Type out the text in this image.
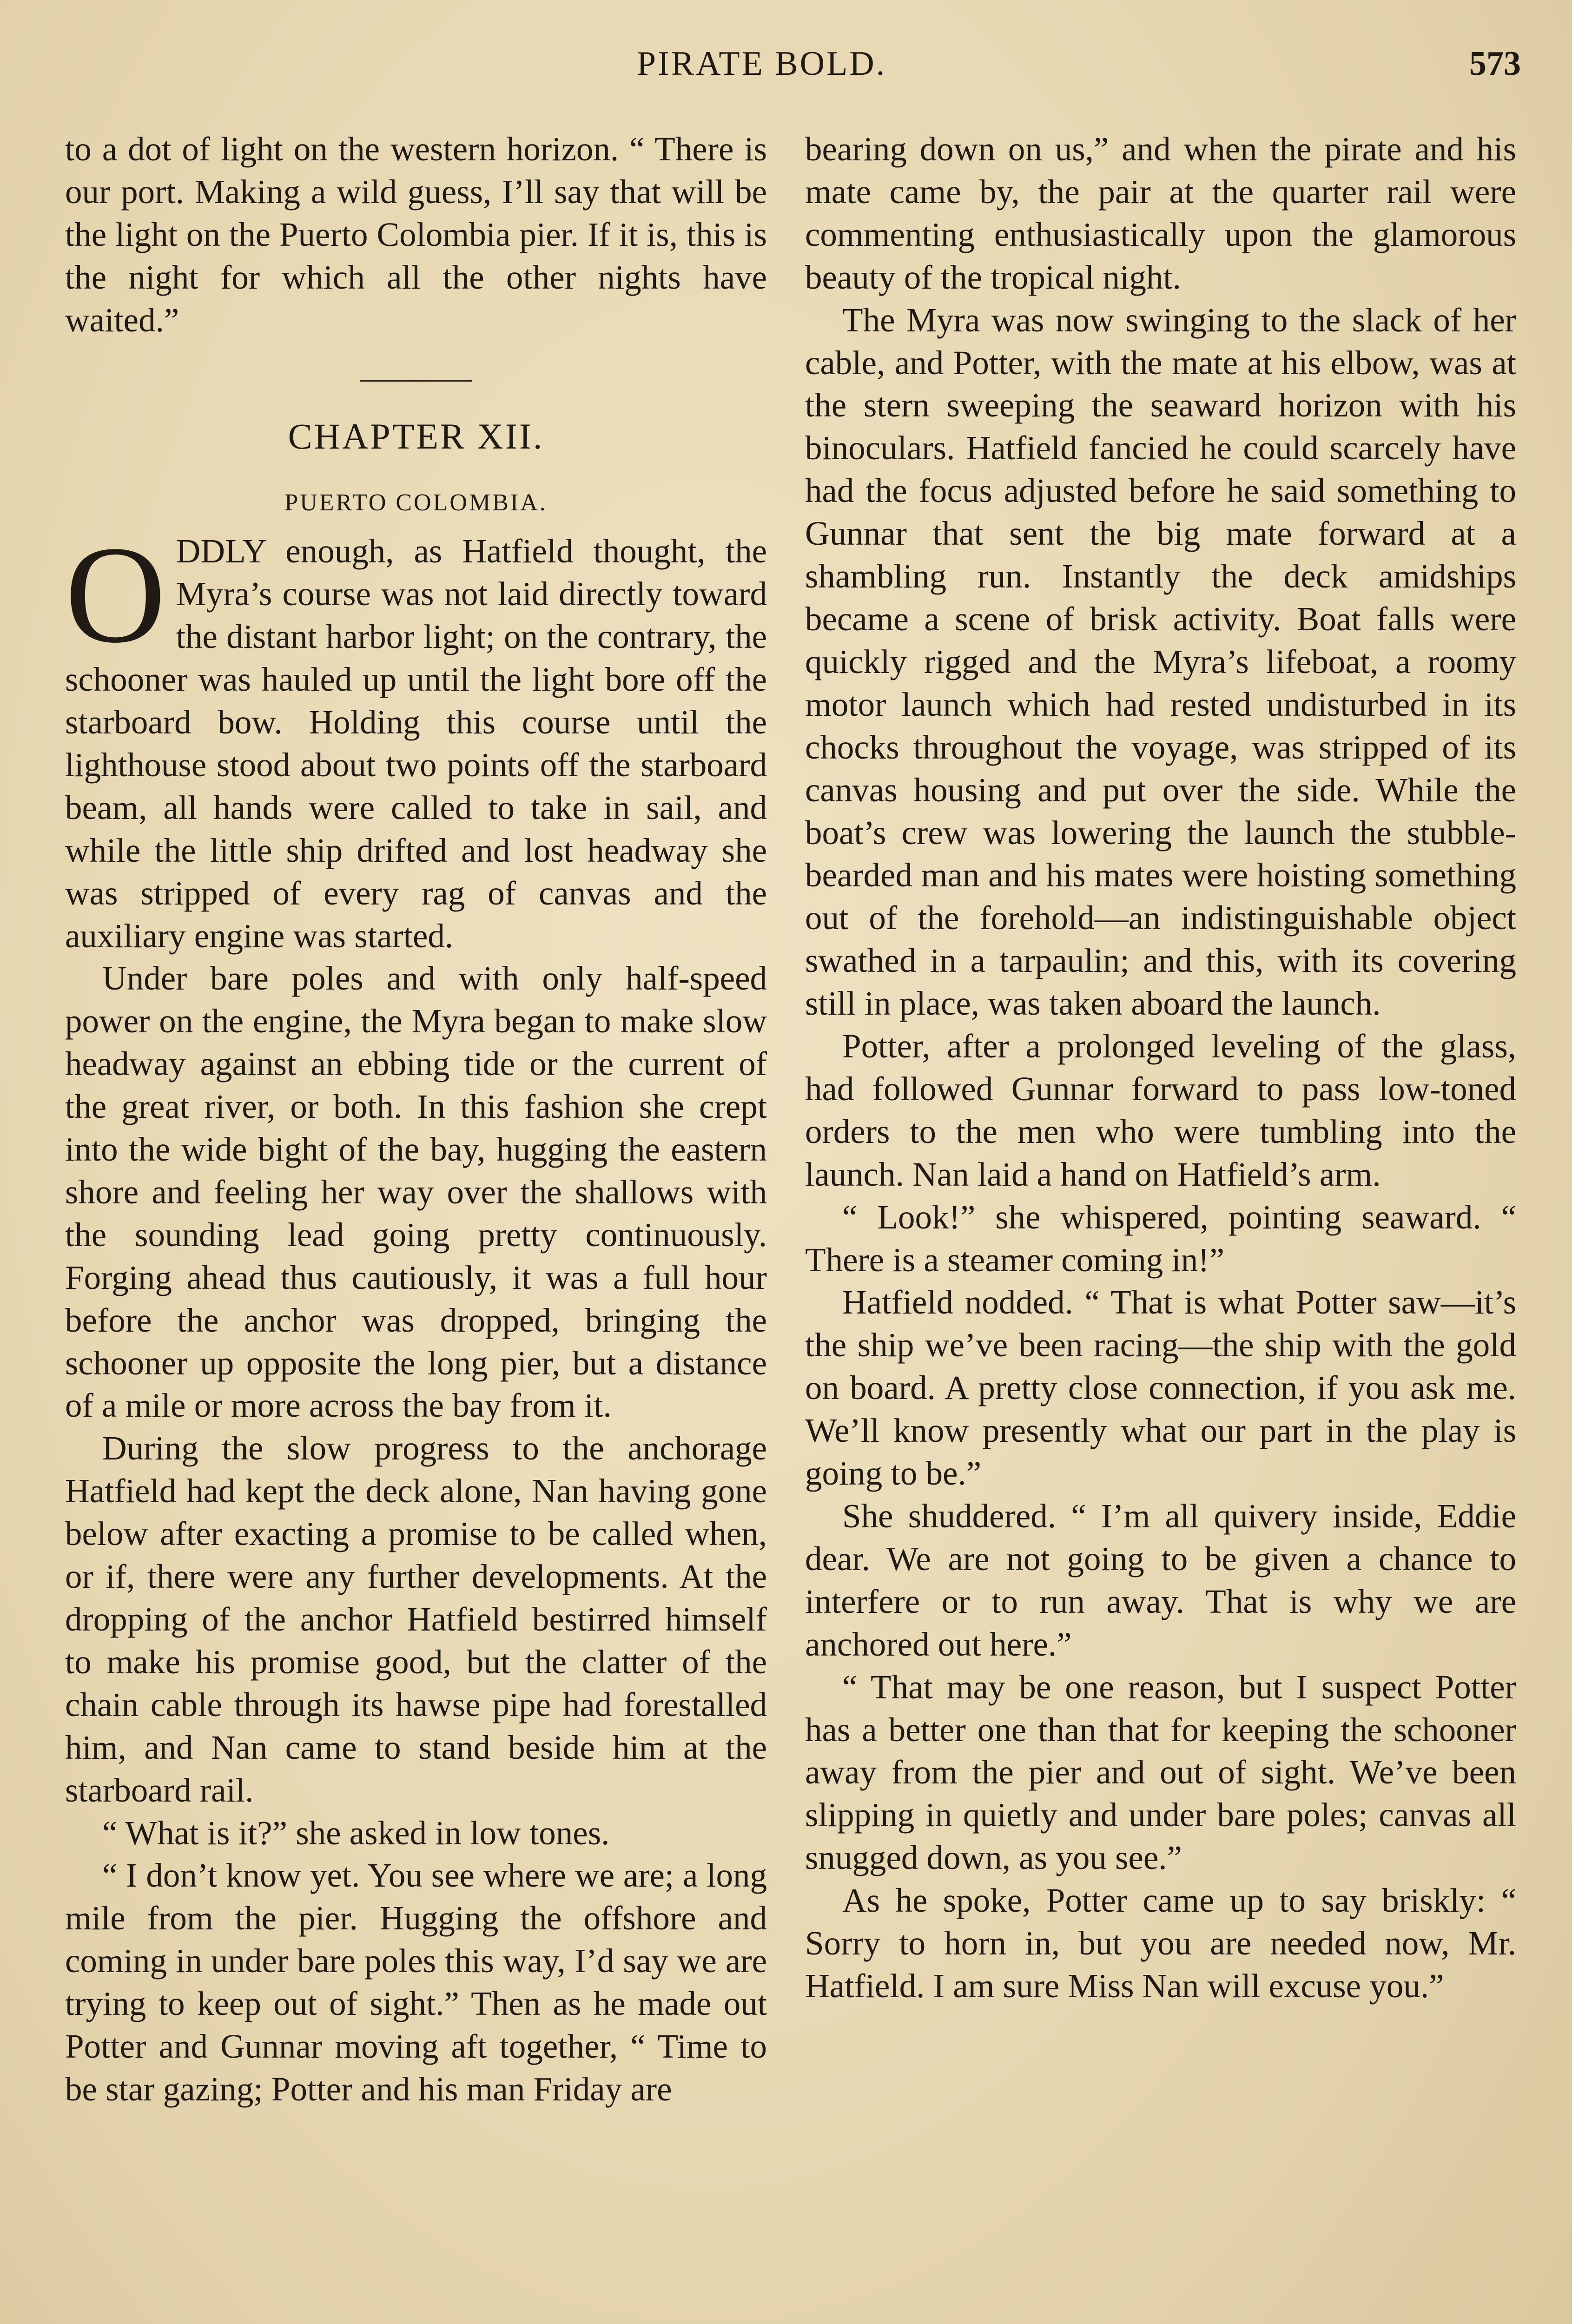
PIRATE BOLD.	573

to a dot of light on the western horizon. “ There is our port. Making a wild guess, I’ll say that will be the light on the Puerto Colombia pier. If it is, this is the night for which all the other nights have waited.”

CHAPTER XII.
PUERTO COLOMBIA.

ODDLY enough, as Hatfield thought, the Myra’s course was not laid directly toward the distant harbor light; on the contrary, the schooner was hauled up until the light bore off the starboard bow. Holding this course until the lighthouse stood about two points off the starboard beam, all hands were called to take in sail, and while the little ship drifted and lost headway she was stripped of every rag of canvas and the auxiliary engine was started.

Under bare poles and with only half-speed power on the engine, the Myra began to make slow headway against an ebbing tide or the current of the great river, or both. In this fashion she crept into the wide bight of the bay, hugging the eastern shore and feeling her way over the shallows with the sounding lead going pretty continuously. Forging ahead thus cautiously, it was a full hour before the anchor was dropped, bringing the schooner up opposite the long pier, but a distance of a mile or more across the bay from it.

During the slow progress to the anchorage Hatfield had kept the deck alone, Nan having gone below after exacting a promise to be called when, or if, there were any further developments. At the dropping of the anchor Hatfield bestirred himself to make his promise good, but the clatter of the chain cable through its hawse pipe had forestalled him, and Nan came to stand beside him at the starboard rail.

“ What is it?” she asked in low tones.

“ I don’t know yet. You see where we are; a long mile from the pier. Hugging the offshore and coming in under bare poles this way, I’d say we are trying to keep out of sight.” Then as he made out Potter and Gunnar moving aft together, “ Time to be star gazing; Potter and his man Friday are

bearing down on us,” and when the pirate and his mate came by, the pair at the quarter rail were commenting enthusiastically upon the glamorous beauty of the tropical night.

The Myra was now swinging to the slack of her cable, and Potter, with the mate at his elbow, was at the stern sweeping the seaward horizon with his binoculars. Hatfield fancied he could scarcely have had the focus adjusted before he said something to Gunnar that sent the big mate forward at a shambling run. Instantly the deck amidships became a scene of brisk activity. Boat falls were quickly rigged and the Myra’s lifeboat, a roomy motor launch which had rested undisturbed in its chocks throughout the voyage, was stripped of its canvas housing and put over the side. While the boat’s crew was lowering the launch the stubble-bearded man and his mates were hoisting something out of the forehold—an indistinguishable object swathed in a tarpaulin; and this, with its covering still in place, was taken aboard the launch.

Potter, after a prolonged leveling of the glass, had followed Gunnar forward to pass low-toned orders to the men who were tumbling into the launch. Nan laid a hand on Hatfield’s arm.

“ Look!” she whispered, pointing seaward. “ There is a steamer coming in!”

Hatfield nodded. “ That is what Potter saw—it’s the ship we’ve been racing—the ship with the gold on board. A pretty close connection, if you ask me. We’ll know presently what our part in the play is going to be.”

She shuddered. “ I’m all quivery inside, Eddie dear. We are not going to be given a chance to interfere or to run away. That is why we are anchored out here.”

“ That may be one reason, but I suspect Potter has a better one than that for keeping the schooner away from the pier and out of sight. We’ve been slipping in quietly and under bare poles; canvas all snugged down, as you see.”

As he spoke, Potter came up to say briskly: “ Sorry to horn in, but you are needed now, Mr. Hatfield. I am sure Miss Nan will excuse you.”
